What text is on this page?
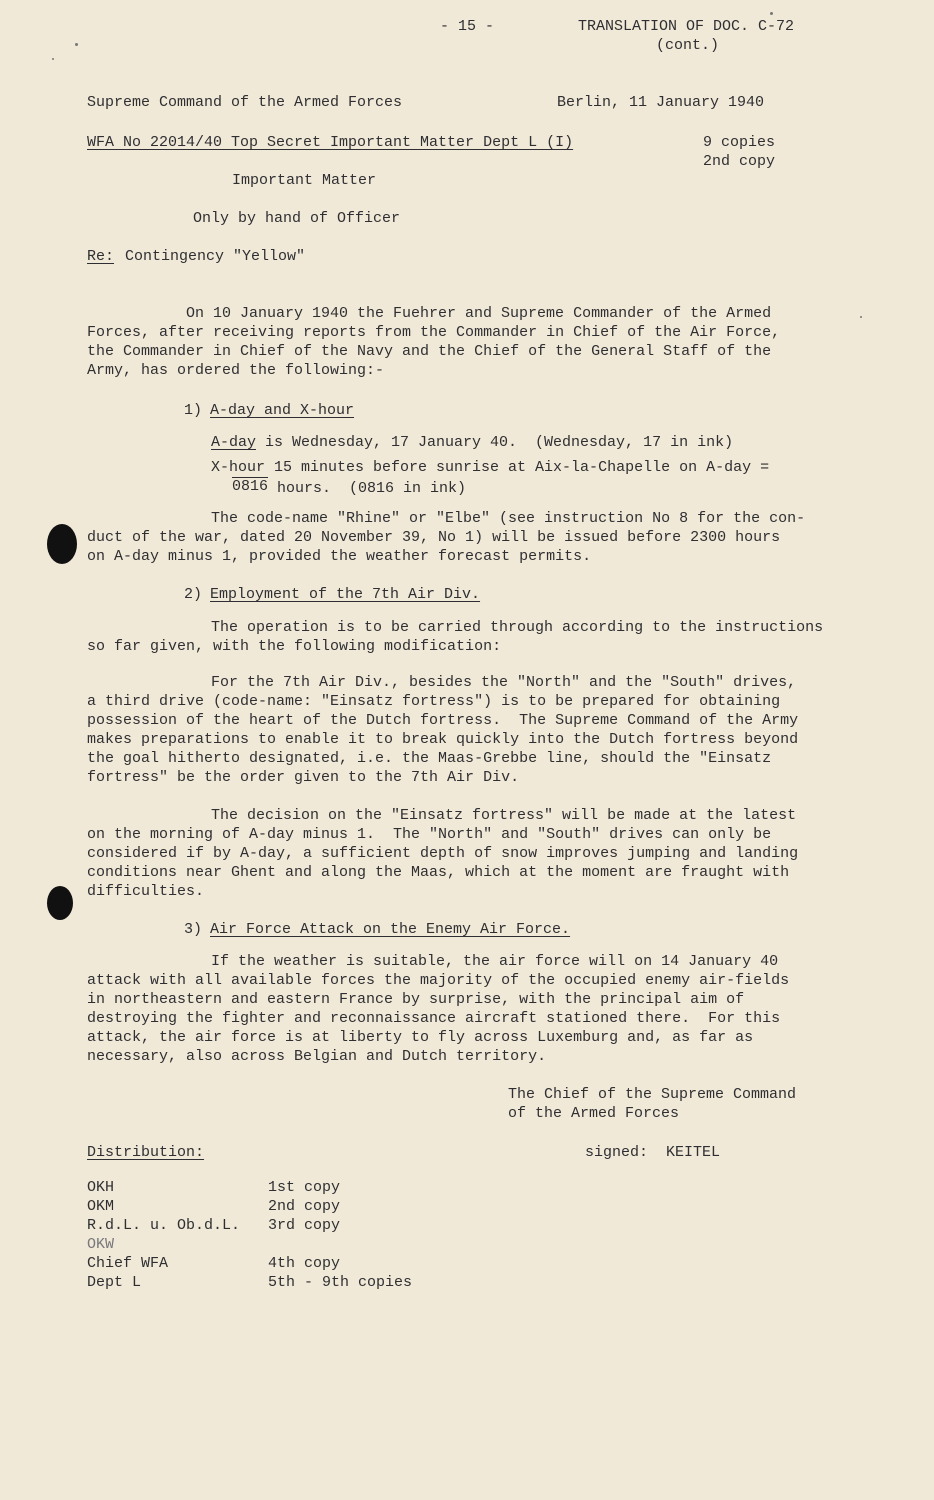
- 15 -	TRANSLATION OF DOC. C-72
(cont.)
Supreme Command of the Armed Forces	Berlin, 11 January 1940
WFA No 22014/40 Top Secret Important Matter Dept L (I)	9 copies
2nd copy
Important Matter
Only by hand of Officer
Re: Contingency "Yellow"
On 10 January 1940 the Fuehrer and Supreme Commander of the Armed
Forces, after receiving reports from the Commander in Chief of the Air Force,
the Commander in Chief of the Navy and the Chief of the General Staff of the
Army, has ordered the following:-
1) A-day and X-hour
A-day is Wednesday, 17 January 40.  (Wednesday, 17 in ink)
X-hour 15 minutes before sunrise at Aix-la-Chapelle on A-day =
0816 hours.  (0816 in ink)
The code-name "Rhine" or "Elbe" (see instruction No 8 for the con-
duct of the war, dated 20 November 39, No 1) will be issued before 2300 hours
on A-day minus 1, provided the weather forecast permits.
2) Employment of the 7th Air Div.
The operation is to be carried through according to the instructions
so far given, with the following modification:
For the 7th Air Div., besides the "North" and the "South" drives,
a third drive (code-name: "Einsatz fortress") is to be prepared for obtaining
possession of the heart of the Dutch fortress.  The Supreme Command of the Army
makes preparations to enable it to break quickly into the Dutch fortress beyond
the goal hitherto designated, i.e. the Maas-Grebbe line, should the "Einsatz
fortress" be the order given to the 7th Air Div.
The decision on the "Einsatz fortress" will be made at the latest
on the morning of A-day minus 1.  The "North" and "South" drives can only be
considered if by A-day, a sufficient depth of snow improves jumping and landing
conditions near Ghent and along the Maas, which at the moment are fraught with
difficulties.
3) Air Force Attack on the Enemy Air Force.
If the weather is suitable, the air force will on 14 January 40
attack with all available forces the majority of the occupied enemy air-fields
in northeastern and eastern France by surprise, with the principal aim of
destroying the fighter and reconnaissance aircraft stationed there.  For this
attack, the air force is at liberty to fly across Luxemburg and, as far as
necessary, also across Belgian and Dutch territory.
The Chief of the Supreme Command
of the Armed Forces
signed:  KEITEL
Distribution:
OKH	1st copy
OKM	2nd copy
R.d.L. u. Ob.d.L. 3rd copy
OKW
Chief WFA	4th copy
Dept L	5th - 9th copies
